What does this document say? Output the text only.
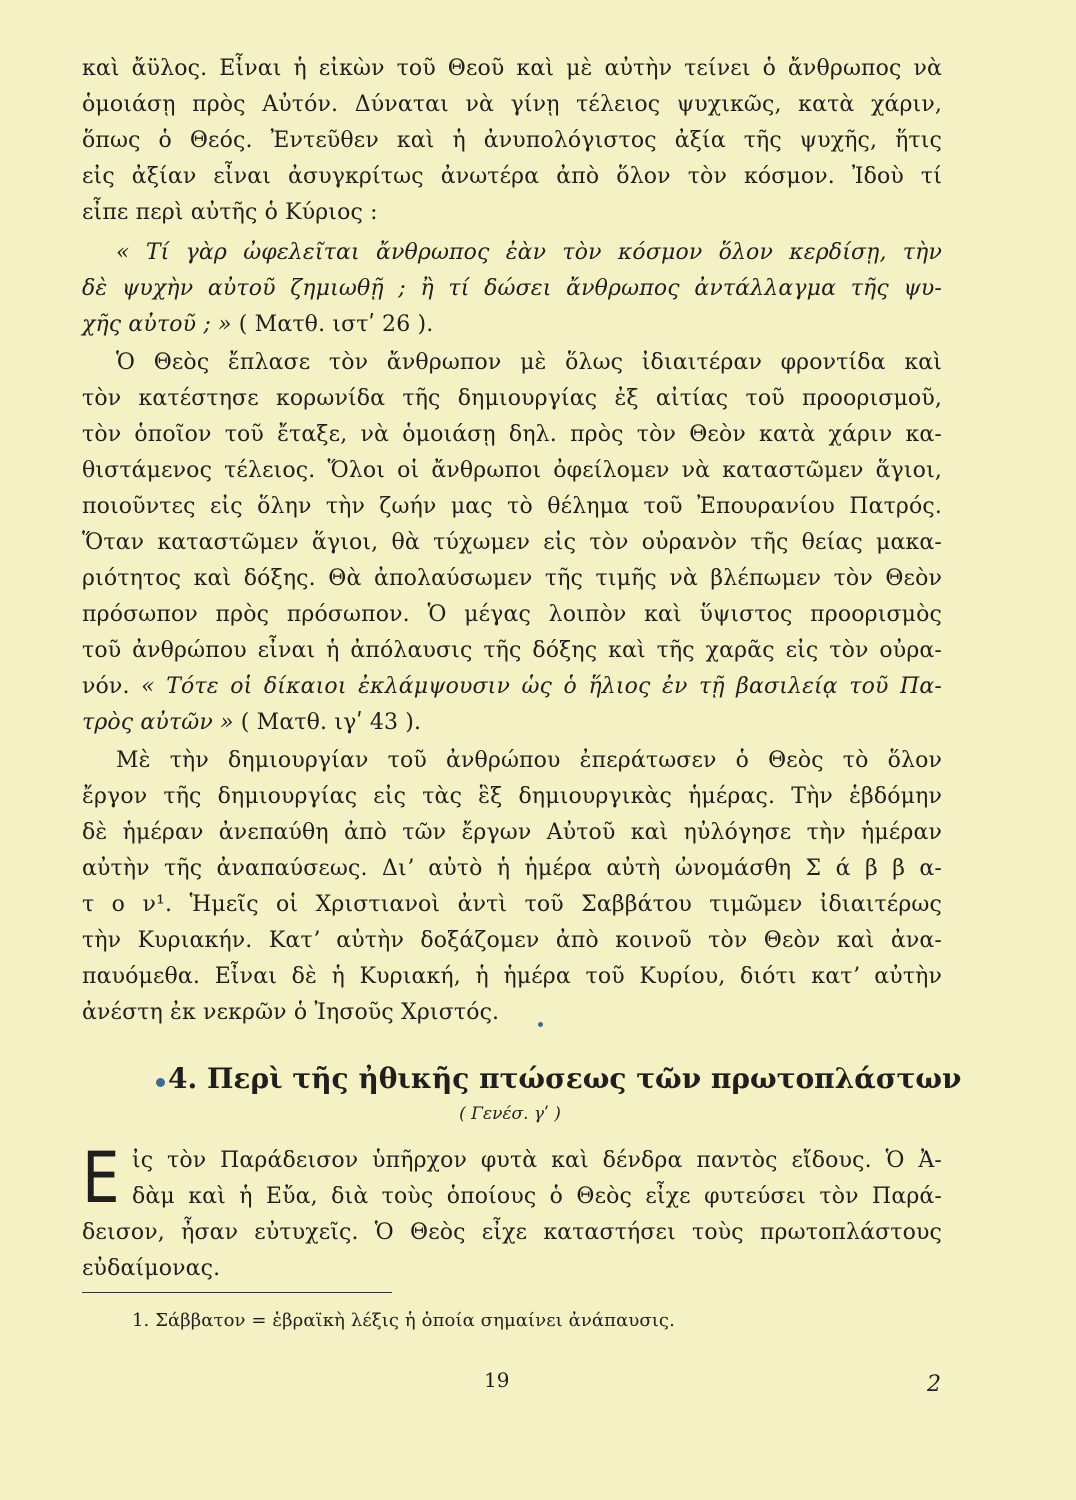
καὶ ἄϋλος. Εἶναι ἡ εἰκὼν τοῦ Θεοῦ καὶ μὲ αὐτὴν τείνει ὁ ἄνθρωπος νὰ
ὁμοιάσῃ πρὸς Αὐτόν. Δύναται νὰ γίνῃ τέλειος ψυχικῶς, κατὰ χάριν,
ὅπως ὁ Θεός. Ἐντεῦθεν καὶ ἡ ἀνυπολόγιστος ἀξία τῆς ψυχῆς, ἥτις
εἰς ἀξίαν εἶναι ἀσυγκρίτως ἀνωτέρα ἀπὸ ὅλον τὸν κόσμον. Ἰδοὺ τί
εἶπε περὶ αὐτῆς ὁ Κύριος :
« Τί γὰρ ὠφελεῖται ἄνθρωπος ἐὰν τὸν κόσμον ὅλον κερδίσῃ, τὴν
δὲ ψυχὴν αὐτοῦ ζημιωθῇ ; ἢ τί δώσει ἄνθρωπος ἀντάλλαγμα τῆς ψυ-
χῆς αὐτοῦ ; » ( Ματθ. ιστʹ 26 ).
Ὁ Θεὸς ἔπλασε τὸν ἄνθρωπον μὲ ὅλως ἰδιαιτέραν φροντίδα καὶ
τὸν κατέστησε κορωνίδα τῆς δημιουργίας ἐξ αἰτίας τοῦ προορισμοῦ,
τὸν ὁποῖον τοῦ ἔταξε, νὰ ὁμοιάσῃ δηλ. πρὸς τὸν Θεὸν κατὰ χάριν κα-
θιστάμενος τέλειος. Ὅλοι οἱ ἄνθρωποι ὀφείλομεν νὰ καταστῶμεν ἅγιοι,
ποιοῦντες εἰς ὅλην τὴν ζωήν μας τὸ θέλημα τοῦ Ἐπουρανίου Πατρός.
Ὅταν καταστῶμεν ἅγιοι, θὰ τύχωμεν εἰς τὸν οὐρανὸν τῆς θείας μακα-
ριότητος καὶ δόξης. Θὰ ἀπολαύσωμεν τῆς τιμῆς νὰ βλέπωμεν τὸν Θεὸν
πρόσωπον πρὸς πρόσωπον. Ὁ μέγας λοιπὸν καὶ ὕψιστος προορισμὸς
τοῦ ἀνθρώπου εἶναι ἡ ἀπόλαυσις τῆς δόξης καὶ τῆς χαρᾶς εἰς τὸν οὐρα-
νόν. « Τότε οἱ δίκαιοι ἐκλάμψουσιν ὡς ὁ ἥλιος ἐν τῇ βασιλείᾳ τοῦ Πα-
τρὸς αὐτῶν » ( Ματθ. ιγʹ 43 ).
Μὲ τὴν δημιουργίαν τοῦ ἀνθρώπου ἐπεράτωσεν ὁ Θεὸς τὸ ὅλον
ἔργον τῆς δημιουργίας εἰς τὰς ἓξ δημιουργικὰς ἡμέρας. Τὴν ἑβδόμην
δὲ ἡμέραν ἀνεπαύθη ἀπὸ τῶν ἔργων Αὐτοῦ καὶ ηὐλόγησε τὴν ἡμέραν
αὐτὴν τῆς ἀναπαύσεως. Διʼ αὐτὸ ἡ ἡμέρα αὐτὴ ὠνομάσθη Σ ά β β α-
τ ο ν¹. Ἡμεῖς οἱ Χριστιανοὶ ἀντὶ τοῦ Σαββάτου τιμῶμεν ἰδιαιτέρως
τὴν Κυριακήν. Κατʼ αὐτὴν δοξάζομεν ἀπὸ κοινοῦ τὸν Θεὸν καὶ ἀνα-
παυόμεθα. Εἶναι δὲ ἡ Κυριακή, ἡ ἡμέρα τοῦ Κυρίου, διότι κατʼ αὐτὴν
ἀνέστη ἐκ νεκρῶν ὁ Ἰησοῦς Χριστός.
4. Περὶ τῆς ἠθικῆς πτώσεως τῶν πρωτοπλάστων
( Γενέσ. γʹ )
E ἰς τὸν Παράδεισον ὑπῆρχον φυτὰ καὶ δένδρα παντὸς εἴδους. Ὁ Ἀ-
δὰμ καὶ ἡ Εὔα, διὰ τοὺς ὁποίους ὁ Θεὸς εἶχε φυτεύσει τὸν Παρά-
δεισον, ἦσαν εὐτυχεῖς. Ὁ Θεὸς εἶχε καταστήσει τοὺς πρωτοπλάστους
εὐδαίμονας.
1. Σάββατον = ἑβραϊκὴ λέξις ἡ ὁποία σημαίνει ἀνάπαυσις.
19	2
